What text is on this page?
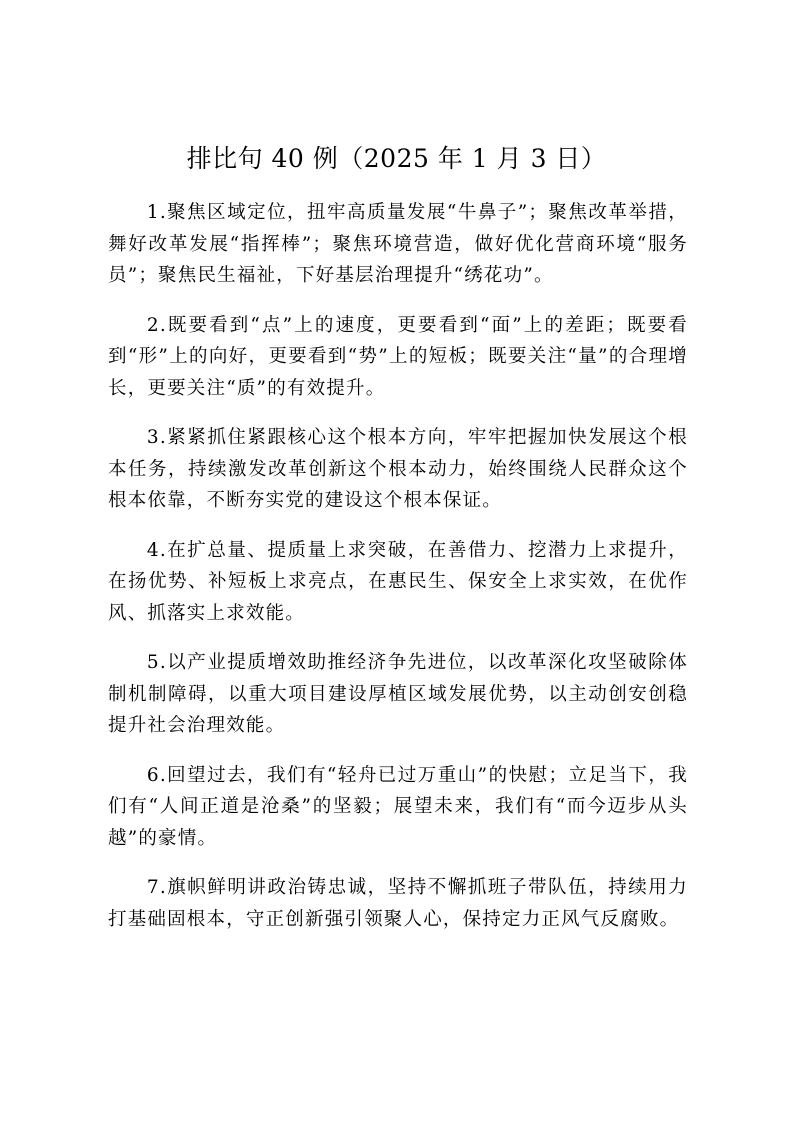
排比句 40 例（2025 年 1 月 3 日）

1.聚焦区域定位，扭牢高质量发展“牛鼻子”；聚焦改革举措，舞好改革发展“指挥棒”；聚焦环境营造，做好优化营商环境“服务员”；聚焦民生福祉，下好基层治理提升“绣花功”。

2.既要看到“点”上的速度，更要看到“面”上的差距；既要看到“形”上的向好，更要看到“势”上的短板；既要关注“量”的合理增长，更要关注“质”的有效提升。

3.紧紧抓住紧跟核心这个根本方向，牢牢把握加快发展这个根本任务，持续激发改革创新这个根本动力，始终围绕人民群众这个根本依靠，不断夯实党的建设这个根本保证。

4.在扩总量、提质量上求突破，在善借力、挖潜力上求提升，在扬优势、补短板上求亮点，在惠民生、保安全上求实效，在优作风、抓落实上求效能。

5.以产业提质增效助推经济争先进位，以改革深化攻坚破除体制机制障碍，以重大项目建设厚植区域发展优势，以主动创安创稳提升社会治理效能。

6.回望过去，我们有“轻舟已过万重山”的快慰；立足当下，我们有“人间正道是沧桑”的坚毅；展望未来，我们有“而今迈步从头越”的豪情。

7.旗帜鲜明讲政治铸忠诚，坚持不懈抓班子带队伍，持续用力打基础固根本，守正创新强引领聚人心，保持定力正风气反腐败。
